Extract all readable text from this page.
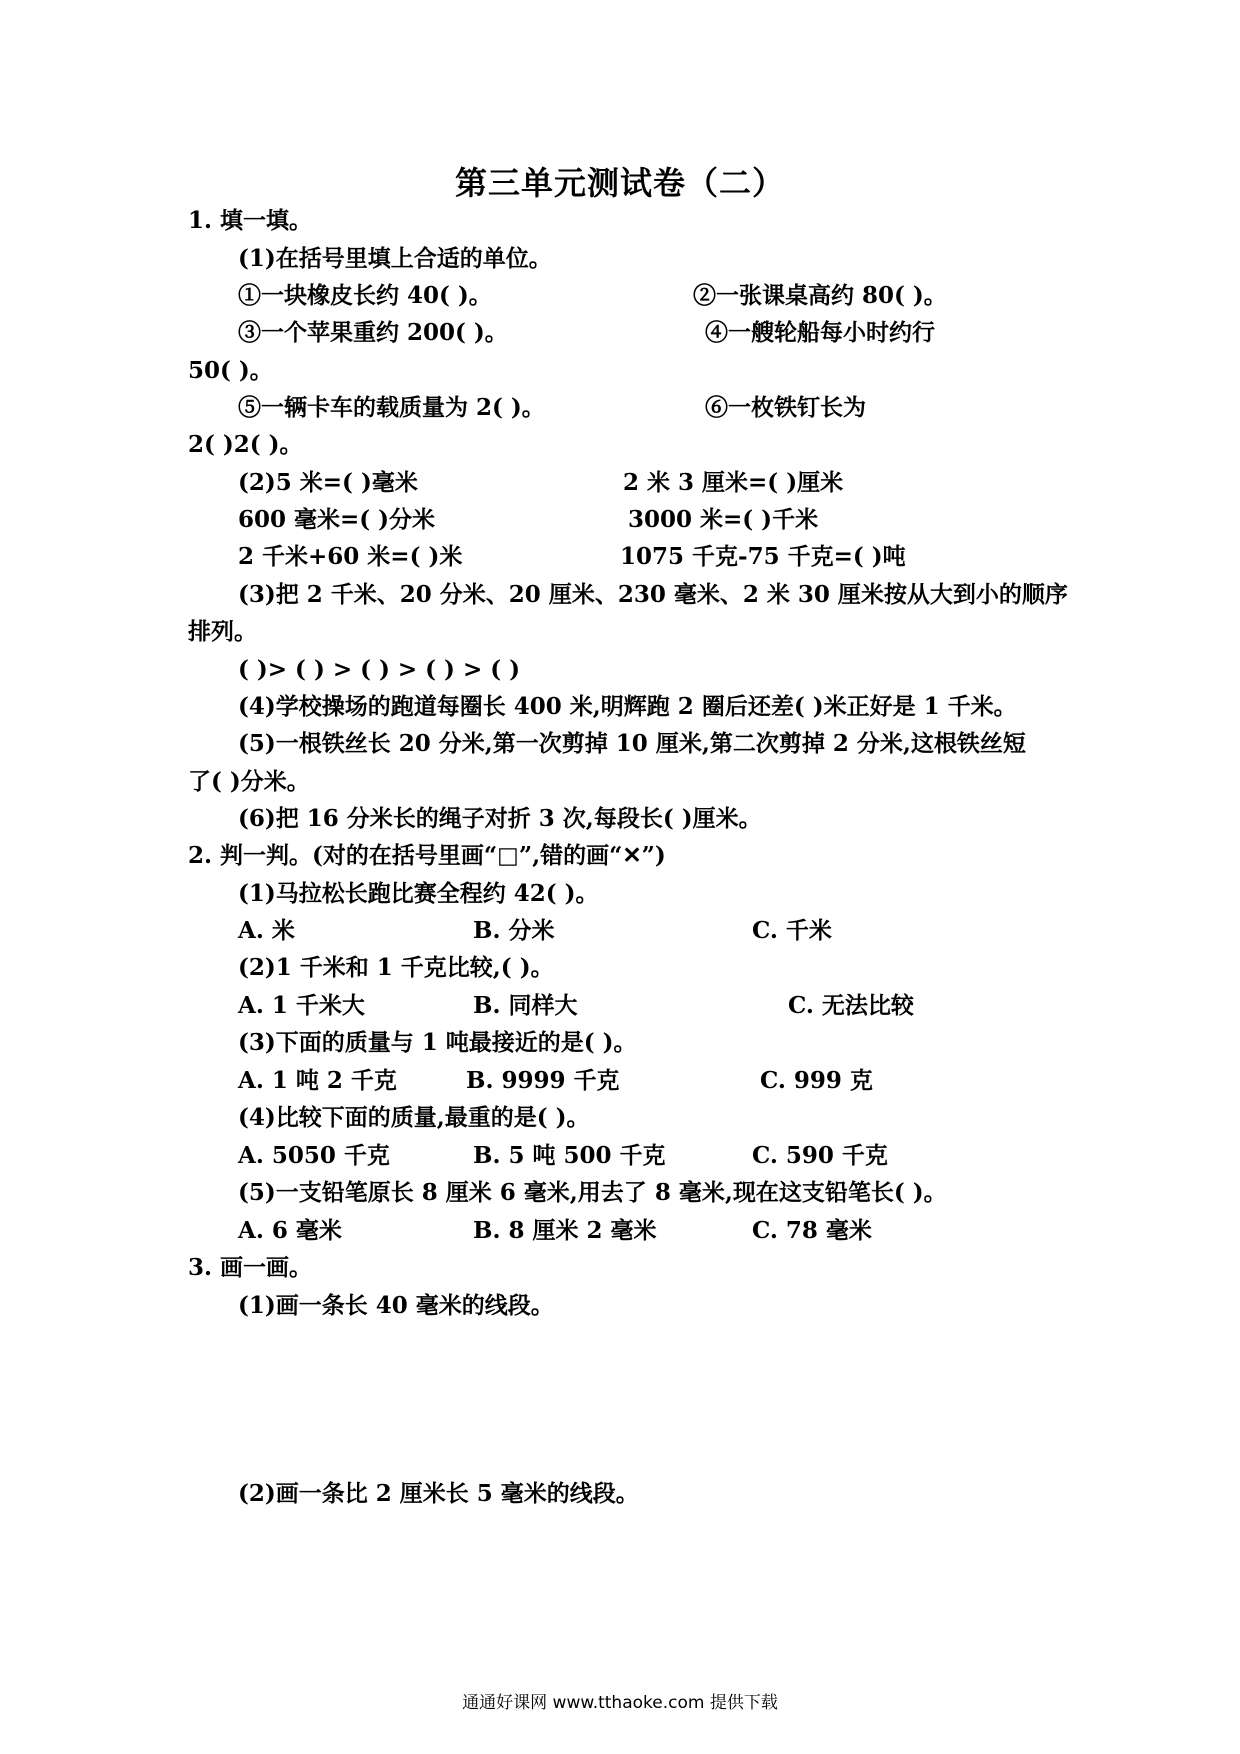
第三单元测试卷（二）
1. 填一填。
(1)在括号里填上合适的单位。
①一块橡皮长约 40( )。	②一张课桌高约 80( )。
③一个苹果重约 200( )。	④一艘轮船每小时约行
50( )。
⑤一辆卡车的载质量为 2( )。	⑥一枚铁钉长为
2( )2( )。
(2)5 米=( )毫米	2 米 3 厘米=( )厘米
600 毫米=( )分米	3000 米=( )千米
2 千米+60 米=( )米	1075 千克-75 千克=( )吨
(3)把 2 千米、20 分米、20 厘米、230 毫米、2 米 30 厘米按从大到小的顺序
排列。
( )> ( ) > ( ) > ( ) > ( )
(4)学校操场的跑道每圈长 400 米,明辉跑 2 圈后还差( )米正好是 1 千米。
(5)一根铁丝长 20 分米,第一次剪掉 10 厘米,第二次剪掉 2 分米,这根铁丝短
了( )分米。
(6)把 16 分米长的绳子对折 3 次,每段长( )厘米。
2. 判一判。(对的在括号里画“□”,错的画“✕”)
(1)马拉松长跑比赛全程约 42( )。
A. 米	B. 分米	C. 千米
(2)1 千米和 1 千克比较,( )。
A. 1 千米大	B. 同样大	C. 无法比较
(3)下面的质量与 1 吨最接近的是( )。
A. 1 吨 2 千克	B. 9999 千克	C. 999 克
(4)比较下面的质量,最重的是( )。
A. 5050 千克	B. 5 吨 500 千克	C. 590 千克
(5)一支铅笔原长 8 厘米 6 毫米,用去了 8 毫米,现在这支铅笔长( )。
A. 6 毫米	B. 8 厘米 2 毫米	C. 78 毫米
3. 画一画。
(1)画一条长 40 毫米的线段。
(2)画一条比 2 厘米长 5 毫米的线段。
通通好课网 www.tthaoke.com 提供下载
